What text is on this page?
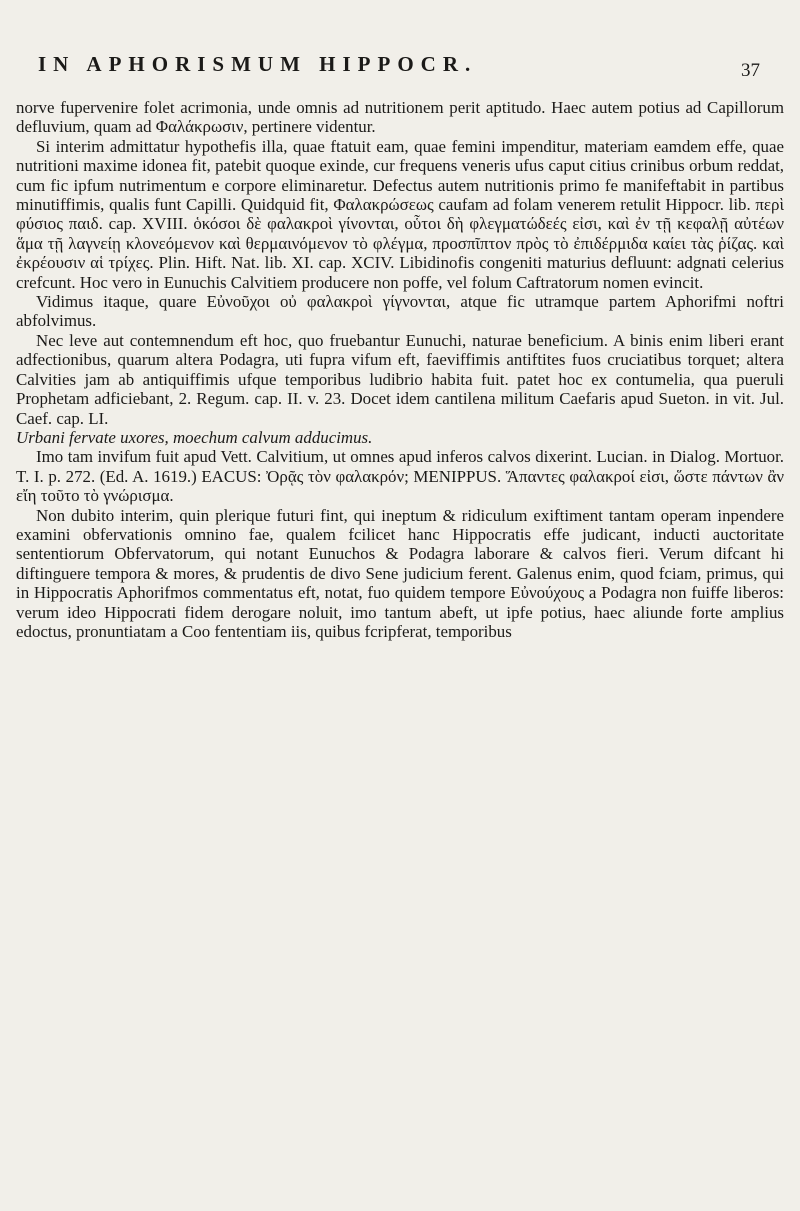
IN APHORISMUM HIPPOCR.	37

norve fupervenire folet acrimonia, unde omnis ad nutritionem perit aptitudo. Haec autem potius ad Capillorum defluvium, quam ad Φαλάκρωσιν, pertinere videntur.

Si interim admittatur hypothefis illa, quae ftatuit eam, quae femini impenditur, materiam eamdem effe, quae nutritioni maxime idonea fit, patebit quoque exinde, cur frequens veneris ufus caput citius crinibus orbum reddat, cum fic ipfum nutrimentum e corpore eliminaretur. Defectus autem nutritionis primo fe manifeftabit in partibus minutiffimis, qualis funt Capilli. Quidquid fit, Φαλακρώσεως caufam ad folam venerem retulit Hippocr. lib. περὶ φύσιος παιδ. cap. XVIII. ὁκόσοι δὲ φαλακροὶ γίνονται, οὗτοι δὴ φλεγματώδεές εἰσι, καὶ ἐν τῇ κεφαλῇ αὐτέων ἅμα τῇ λαγνείῃ κλονεόμενον καὶ θερμαινόμενον τὸ φλέγμα, προσπῖπτον πρὸς τὸ ἐπιδέρμιδα καίει τὰς ῥίζας. καὶ ἐκρέουσιν αἱ τρίχες. Plin. Hift. Nat. lib. XI. cap. XCIV. Libidinofis congeniti maturius defluunt: adgnati celerius crefcunt. Hoc vero in Eunuchis Calvitiem producere non poffe, vel folum Caftratorum nomen evincit.

Vidimus itaque, quare Εὐνοῦχοι οὐ φαλακροὶ γίγνονται, atque fic utramque partem Aphorifmi noftri abfolvimus.

Nec leve aut contemnendum eft hoc, quo fruebantur Eunuchi, naturae beneficium. A binis enim liberi erant adfectionibus, quarum altera Podagra, uti fupra vifum eft, faeviffimis antiftites fuos cruciatibus torquet; altera Calvities jam ab antiquiffimis ufque temporibus ludibrio habita fuit. patet hoc ex contumelia, qua pueruli Prophetam adficiebant, 2. Regum. cap. II. v. 23. Docet idem cantilena militum Caefaris apud Sueton. in vit. Jul. Caef. cap. LI.

Urbani fervate uxores, moechum calvum adducimus.

Imo tam invifum fuit apud Vett. Calvitium, ut omnes apud inferos calvos dixerint. Lucian. in Dialog. Mortuor. T. I. p. 272. (Ed. A. 1619.) EACUS: Ὀρᾷς τὸν φαλακρόν; MENIPPUS. Ἅπαντες φαλακροί εἰσι, ὥστε πάντων ἂν εἴη τοῦτο τὸ γνώρισμα.

Non dubito interim, quin plerique futuri fint, qui ineptum & ridiculum exiftiment tantam operam inpendere examini obfervationis omnino fae, qualem fcilicet hanc Hippocratis effe judicant, inducti auctoritate sententiorum Obfervatorum, qui notant Eunuchos & Podagra laborare & calvos fieri. Verum difcant hi diftinguere tempora & mores, & prudentis de divo Sene judicium ferent. Galenus enim, quod fciam, primus, qui in Hippocratis Aphorifmos commentatus eft, notat, fuo quidem tempore Εὐνούχους a Podagra non fuiffe liberos: verum ideo Hippocrati fidem derogare noluit, imo tantum abeft, ut ipfe potius, haec aliunde forte amplius edoctus, pronuntiatam a Coo fententiam iis, quibus fcripferat, temporibus
